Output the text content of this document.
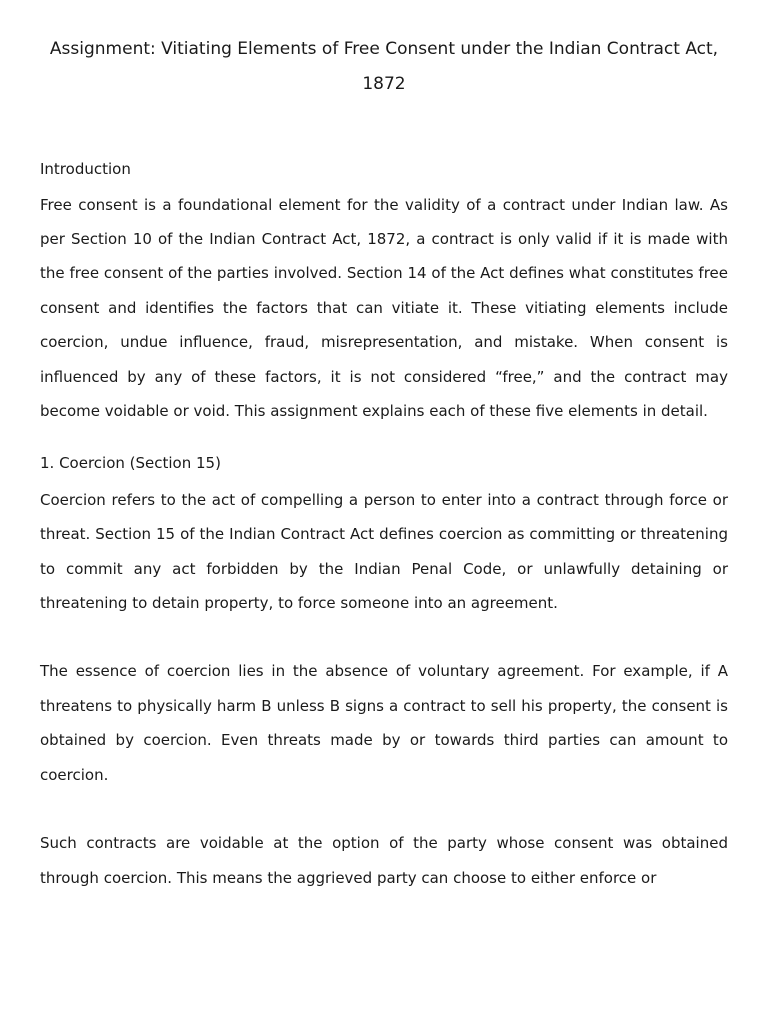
Assignment: Vitiating Elements of Free Consent under the Indian Contract Act, 1872
Introduction

Free consent is a foundational element for the validity of a contract under Indian law. As per Section 10 of the Indian Contract Act, 1872, a contract is only valid if it is made with the free consent of the parties involved. Section 14 of the Act defines what constitutes free consent and identifies the factors that can vitiate it. These vitiating elements include coercion, undue influence, fraud, misrepresentation, and mistake. When consent is influenced by any of these factors, it is not considered “free,” and the contract may become voidable or void. This assignment explains each of these five elements in detail.

1. Coercion (Section 15)

Coercion refers to the act of compelling a person to enter into a contract through force or threat. Section 15 of the Indian Contract Act defines coercion as committing or threatening to commit any act forbidden by the Indian Penal Code, or unlawfully detaining or threatening to detain property, to force someone into an agreement.

The essence of coercion lies in the absence of voluntary agreement. For example, if A threatens to physically harm B unless B signs a contract to sell his property, the consent is obtained by coercion. Even threats made by or towards third parties can amount to coercion.

Such contracts are voidable at the option of the party whose consent was obtained through coercion. This means the aggrieved party can choose to either enforce or
